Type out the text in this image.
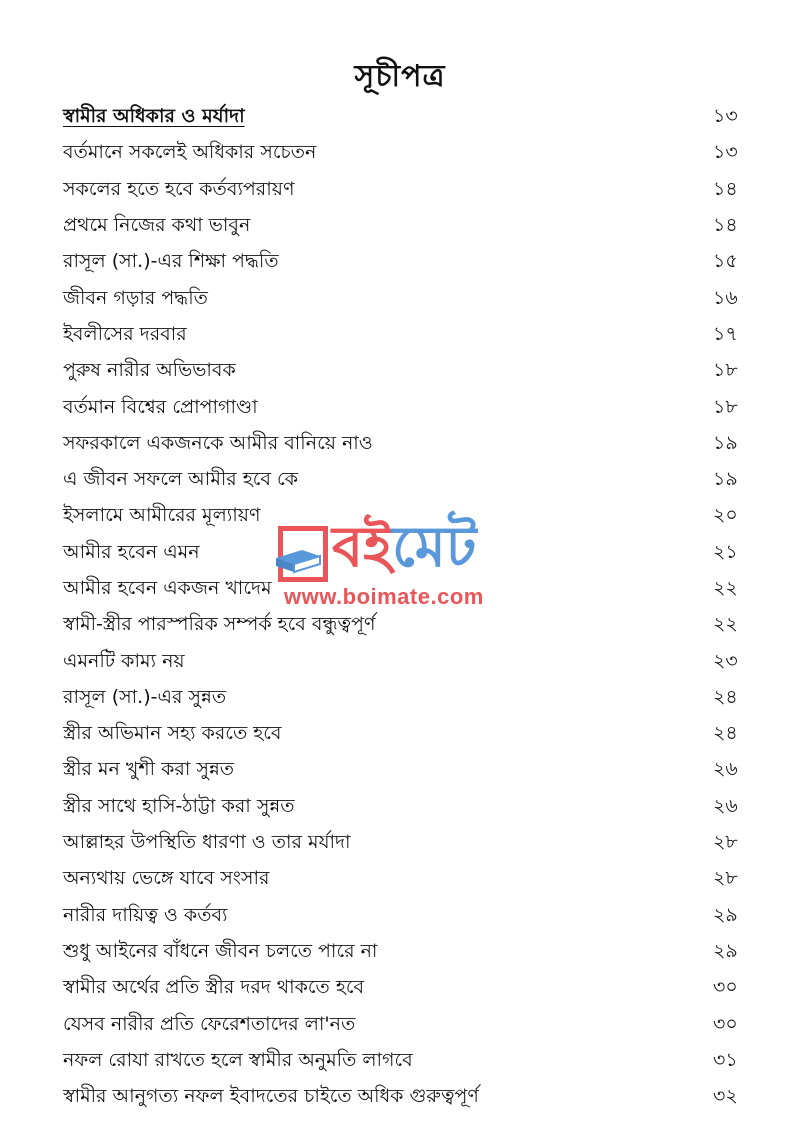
সূচীপত্র
স্বামীর অধিকার ও মর্যাদা	১৩
বর্তমানে সকলেই অধিকার সচেতন	১৩
সকলের হতে হবে কর্তব্যপরায়ণ	১৪
প্রথমে নিজের কথা ভাবুন	১৪
রাসূল (সা.)-এর শিক্ষা পদ্ধতি	১৫
জীবন গড়ার পদ্ধতি	১৬
ইবলীসের দরবার	১৭
পুরুষ নারীর অভিভাবক	১৮
বর্তমান বিশ্বের প্রোপাগাণ্ডা	১৮
সফরকালে একজনকে আমীর বানিয়ে নাও	১৯
এ জীবন সফলে আমীর হবে কে	১৯
ইসলামে আমীরের মূল্যায়ণ	২০
আমীর হবেন এমন	২১
আমীর হবেন একজন খাদেম	২২
স্বামী-স্ত্রীর পারস্পরিক সম্পর্ক হবে বন্ধুত্বপূর্ণ	২২
এমনটি কাম্য নয়	২৩
রাসূল (সা.)-এর সুন্নত	২৪
স্ত্রীর অভিমান সহ্য করতে হবে	২৪
স্ত্রীর মন খুশী করা সুন্নত	২৬
স্ত্রীর সাথে হাসি-ঠাট্টা করা সুন্নত	২৬
আল্লাহর উপস্থিতি ধারণা ও তার মর্যাদা	২৮
অন্যথায় ভেঙ্গে যাবে সংসার	২৮
নারীর দায়িত্ব ও কর্তব্য	২৯
শুধু আইনের বাঁধনে জীবন চলতে পারে না	২৯
স্বামীর অর্থের প্রতি স্ত্রীর দরদ থাকতে হবে	৩০
যেসব নারীর প্রতি ফেরেশতাদের লা'নত	৩০
নফল রোযা রাখতে হলে স্বামীর অনুমতি লাগবে	৩১
স্বামীর আনুগত্য নফল ইবাদতের চাইতে অধিক গুরুত্বপূর্ণ	৩২
বইমেট
www.boimate.com
